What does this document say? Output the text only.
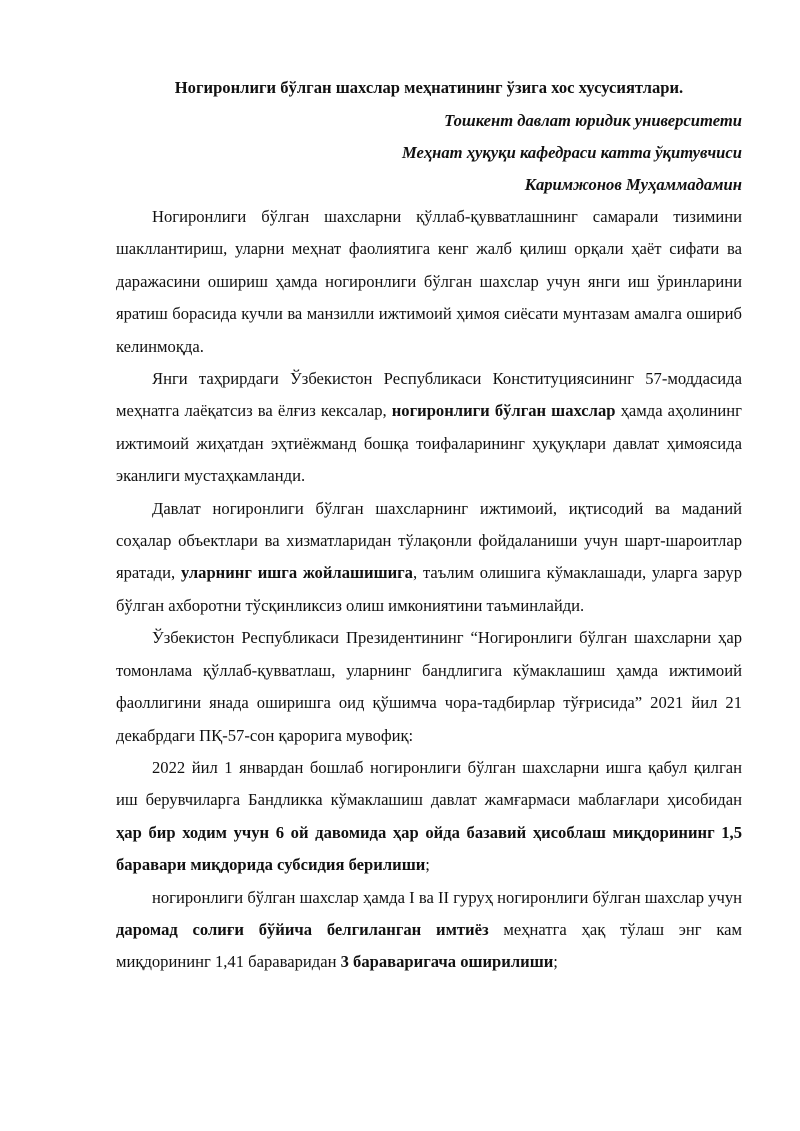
Ногиронлиги бўлган шахслар меҳнатининг ўзига хос хусусиятлари.

Тошкент давлат юридик университети

Меҳнат ҳуқуқи кафедраси катта ўқитувчиси

Каримжонов Муҳаммадамин

Ногиронлиги бўлган шахсларни қўллаб-қувватлашнинг самарали тизимини шакллантириш, уларни меҳнат фаолиятига кенг жалб қилиш орқали ҳаёт сифати ва даражасини ошириш ҳамда ногиронлиги бўлган шахслар учун янги иш ўринларини яратиш борасида кучли ва манзилли ижтимоий ҳимоя сиёсати мунтазам амалга ошириб келинмоқда.

Янги таҳрирдаги Ўзбекистон Республикаси Конституциясининг 57-моддасида меҳнатга лаёқатсиз ва ёлғиз кексалар, ногиронлиги бўлган шахслар ҳамда аҳолининг ижтимоий жиҳатдан эҳтиёжманд бошқа тоифаларининг ҳуқуқлари давлат ҳимоясида эканлиги мустаҳкамланди.

Давлат ногиронлиги бўлган шахсларнинг ижтимоий, иқтисодий ва маданий соҳалар объектлари ва хизматларидан тўлақонли фойдаланиши учун шарт-шароитлар яратади, уларнинг ишга жойлашишига, таълим олишига кўмаклашади, уларга зарур бўлган ахборотни тўсқинликсиз олиш имкониятини таъминлайди.

Ўзбекистон Республикаси Президентининг “Ногиронлиги бўлган шахсларни ҳар томонлама қўллаб-қувватлаш, уларнинг бандлигига кўмаклашиш ҳамда ижтимоий фаоллигини янада оширишга оид қўшимча чора-тадбирлар тўғрисида” 2021 йил 21 декабрдаги ПҚ-57-сон қарорига мувофиқ:

2022 йил 1 январдан бошлаб ногиронлиги бўлган шахсларни ишга қабул қилган иш берувчиларга Бандликка кўмаклашиш давлат жамғармаси маблағлари ҳисобидан ҳар бир ходим учун 6 ой давомида ҳар ойда базавий ҳисоблаш миқдорининг 1,5 баравари миқдорида субсидия берилиши;

ногиронлиги бўлган шахслар ҳамда I ва II гуруҳ ногиронлиги бўлган шахслар учун даромад солиғи бўйича белгиланган имтиёз меҳнатга ҳақ тўлаш энг кам миқдорининг 1,41 бараваридан 3 бараваригача оширилиши;
